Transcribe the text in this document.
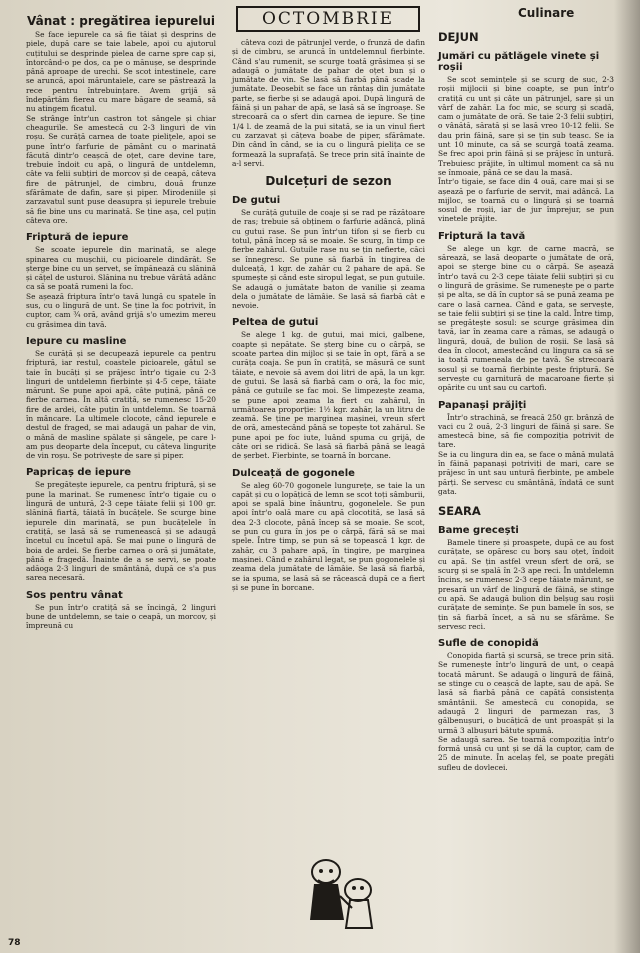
OCTOMBRIE	Culinare
Vânat : pregătirea iepurelui
Se face iepurele ca să fie tăiat și desprins de piele, după care se taie labele, apoi cu ajutorul cuțitului se desprinde pielea de carne spre cap și, întorcând-o pe dos, ca pe o mănușe, se desprinde până aproape de urechi. Se scot intestinele, care se aruncă, apoi măruntaiele, care se păstrează la rece pentru întrebuințare. Avem grijă să îndepărtăm fierea cu mare băgare de seamă, să nu atingem ficatul.
Se strânge într'un castron tot sângele și chiar cheagurile. Se amestecă cu 2-3 linguri de vin roșu. Se curăță carnea de toate pieliţele, apoi se pune într'o farfurie de pământ cu o marinată făcută dintr'o ceașcă de oțet, care devine tare, trebuie îndoit cu apă, o lingură de untdelemn, câte va felii subțiri de morcov și de ceapă, câteva fire de pătrunjel, de cimbru, două frunze sfărâmate de dafin, sare și piper. Mirodeniile și zarzavatul sunt puse deasupra și iepurele trebuie să fie bine uns cu marinată. Se ține așa, cel puțin câteva ore.
Friptură de iepure
Se scoate iepurele din marinată, se alege spinarea cu mușchii, cu picioarele dindărăt. Se șterge bine cu un șervet, se împănează cu slănină și cățel de usturoi. Slănina nu trebue vârâtă adânc ca să se poată rumeni la foc.
Se așează friptura într'o tavă lungă cu spatele în sus, cu o lingură de unt. Se ține la foc potrivit, în cuptor, cam ¾ oră, având grijă s'o umezim mereu cu grăsimea din tavă.
Iepure cu masline
Se curăță și se decupează iepurele ca pentru friptură, iar restul, coastele picioarele, gâtul se taie în bucăți și se prăjesc într'o tigaie cu 2-3 linguri de untdelemn fierbinte și 4-5 cepe, tăiate mărunt. Se pune apoi apă, câte puțină, până ce fierbe carnea. În altă cratiță, se rumenesc 15-20 fire de ardei, câte puțin în untdelemn. Se toarnă în mâncare. La ultimele clocote, când iepurele e destul de fraged, se mai adaugă un pahar de vin, o mână de masline spălate și sângele, pe care l-am pus deoparte dela început, cu câteva lingurițe de vin roșu. Se potrivește de sare și piper.
Papricaș de iepure
Se pregătește iepurele, ca pentru friptură, și se pune la marinat. Se rumenesc într'o tigaie cu o lingură de untură, 2-3 cepe tăiate felii și 100 gr. slănină fiartă, tăiată în bucățele. Se scurge bine iepurele din marinată, se pun bucățelele în cratiță, se lasă să se rumenească și se adaugă încetul cu încetul apă. Se mai pune o lingură de boia de ardei. Se fierbe carnea o oră și jumătate, până e fragedă. Înainte de a se servi, se poate adăoga 2-3 linguri de smântână, după ce s'a pus sarea necesară.
Sos pentru vânat
Se pun într'o cratiță să se încingă, 2 linguri bune de untdelemn, se taie o ceapă, un morcov, și împreună cu
câteva cozi de pătrunjel verde, o frunză de dafin și de cimbru, se aruncă în untdelemnul fierbinte. Când s'au rumenit, se scurge toată grăsimea și se adaugă o jumătate de pahar de oțet bun și o jumătate de vin. Se lasă să fiarbă până scade la jumătate. Deosebit se face un rântaș din jumătate parte, se fierbe și se adaugă apoi. După lingură de făină și un pahar de apă, se lasă să se îngroașe. Se strecoară ca o sfert din carnea de iepure. Se ține 1/4 l. de zeamă de la pui sitată, se ia un vinul fiert cu zarzavat și cățeva boabe de piper, sfărâmate. Din când în când, se ia cu o lingură pielița ce se formează la suprafață. Se trece prin sită înainte de a-l servi.
Dulcețuri de sezon
De gutui
Se curăță gutuile de coaje și se rad pe răzătoare de ras; trebuie să obținem o farfurie adâncă, plină cu gutui rase. Se pun într'un tifon și se fierb cu totul, până încep să se moaie. Se scurg, în timp ce fierbe zahărul. Gutuile rase nu se țin nefierte, căci se înnegresc. Se pune să fiarbă în tingirea de dulceață, 1 kgr. de zahăr cu 2 pahare de apă. Se spumește și când este siropul legat, se pun gutuile. Se adaugă o jumătate baton de vanilie și zeama dela o jumătate de lămâie. Se lasă să fiarbă cât e nevoie.
Peltea de gutui
Se alege 1 kg. de gutui, mai mici, galbene, coapte și nepătate. Se șterg bine cu o cârpă, se scoate partea din mijloc și se taie în opt, fără a se curăța coaja. Se pun în cratiță, se măsură ce sunt tăiate, e nevoie să avem doi litri de apă, la un kgr. de gutui. Se lasă să fiarbă cam o oră, la foc mic, până ce gutuile se fac moi. Se limpezește zeama, se pune apoi zeama la fiert cu zahărul, în următoarea proporție: 1½ kgr. zahăr, la un litru de zeamă. Se ține pe marginea mașinei, vreun sfert de oră, amestecând până se topește tot zahărul. Se pune apoi pe foc iute, luând spuma cu grijă, de câte ori se ridică. Se lasă să fiarbă până se leagă de șerbet. Fierbinte, se toarnă în borcane.
Dulceață de gogonele
Se aleg 60-70 gogonele lungurețe, se taie la un capăt și cu o lopățică de lemn se scot toți sâmburii, apoi se spală bine înăuntru, gogonelele. Se pun apoi într'o oală mare cu apă clocotită, se lasă să dea 2-3 clocote, până încep să se moaie. Se scot, se pun cu gura în jos pe o cârpă, fără să se mai spele. Între timp, se pun să se topească 1 kgr. de zahăr, cu 3 pahare apă, în tingire, pe marginea mașinei. Când e zahărul legat, se pun gogonelele și zeama dela jumătate de lămâie. Se lasă să fiarbă, se ia spuma, se lasă să se răcească după ce a fiert și se pune în borcane.
DEJUN
Jumări cu pătlăgele vinete și roșii
Se scot semințele și se scurg de suc, 2-3 roșii mijlocii și bine coapte, se pun într'o cratiță cu unt și câte un pătrunjel, sare și un vârf de zahăr. La foc mic, se scurg și scadă, cam o jumătate de oră. Se taie 2-3 felii subțiri, o vânătă, sărată și se lasă vreo 10-12 felii. Se dau prin făină, sare și se țin sub teasc. Se ia unt 10 minute, ca să se scurgă toată zeama. Se frec apoi prin făină și se prăjesc în untură. Trebuiesc prăjite, în ultimul moment ca să nu se înmoaie, până ce se dau la masă.
Într'o tigaie, se face din 4 ouă, care mai și se așează pe o farfurie de servit, mai adâncă. La mijloc, se toarnă cu o lingură și se toarnă sosul de roșii, iar de jur împrejur, se pun vinetele prăjite.
Friptură la tavă
Se alege un kgr. de carne macră, se sărează, se lasă deoparte o jumătate de oră, apoi se șterge bine cu o cârpă. Se așează într'o tavă cu 2-3 cepe tăiate felii subțiri și cu o lingură de grăsime. Se rumenește pe o parte și pe alta, se dă în cuptor să se pună zeama pe care o lasă carnea. Când e gata, se servește, se taie felii subțiri și se ține la cald. Între timp, se pregătește sosul: se scurge grăsimea din tavă, iar în zeama care a rămas, se adaugă o lingură, două, de bulion de roșii. Se lasă să dea în clocot, amestecând cu lingura ca să se ia toată rumeneala de pe tavă. Se strecoară sosul și se toarnă fierbinte peste friptură. Se servește cu garnitură de macaroane fierte și opărite cu unt sau cu cartofi.
Papanași prăjiți
Într'o strachină, se freacă 250 gr. brânză de vaci cu 2 ouă, 2-3 linguri de făină și sare. Se amestecă bine, să fie compoziția potrivit de tare.
Se ia cu lingura din ea, se face o mână mulată în făină papanași potriviți de mari, care se prăjesc în unt sau untură fierbinte, pe ambele părți. Se servesc cu smântână, îndată ce sunt gata.
SEARA
Bame grecești
Bamele tinere și proaspete, după ce au fost curățate, se opăresc cu borș sau oțet, îndoit cu apă. Se țin astfel vreun sfert de oră, se scurg și se spală în 2-3 ape reci. În untdelemn încins, se rumenesc 2-3 cepe tăiate mărunt, se presară un vârf de lingură de făină, se stinge cu apă. Se adaugă bulion din belșug sau roșii curățate de semințe. Se pun bamele în sos, se țin să fiarbă încet, a să nu se sfărâme. Se servesc reci.
Sufle de conopidă
Conopida fiartă și scursă, se trece prin sită. Se rumenește într'o lingură de unt, o ceapă tocată mărunt. Se adaugă o lingură de făină, se stinge cu o ceașcă de lapte, sau de apă. Se lasă să fiarbă până ce capătă consistența smântânii. Se amestecă cu conopida, se adaugă 2 linguri de parmezan ras, 3 gălbenușuri, o bucățică de unt proaspăt și la urmă 3 albușuri bătute spumă.
Se adaugă sarea. Se toarnă compoziția într'o formă unsă cu unt și se dă la cuptor, cam de 25 de minute. În acelaș fel, se poate pregăti sufleu de dovlecei.
78
